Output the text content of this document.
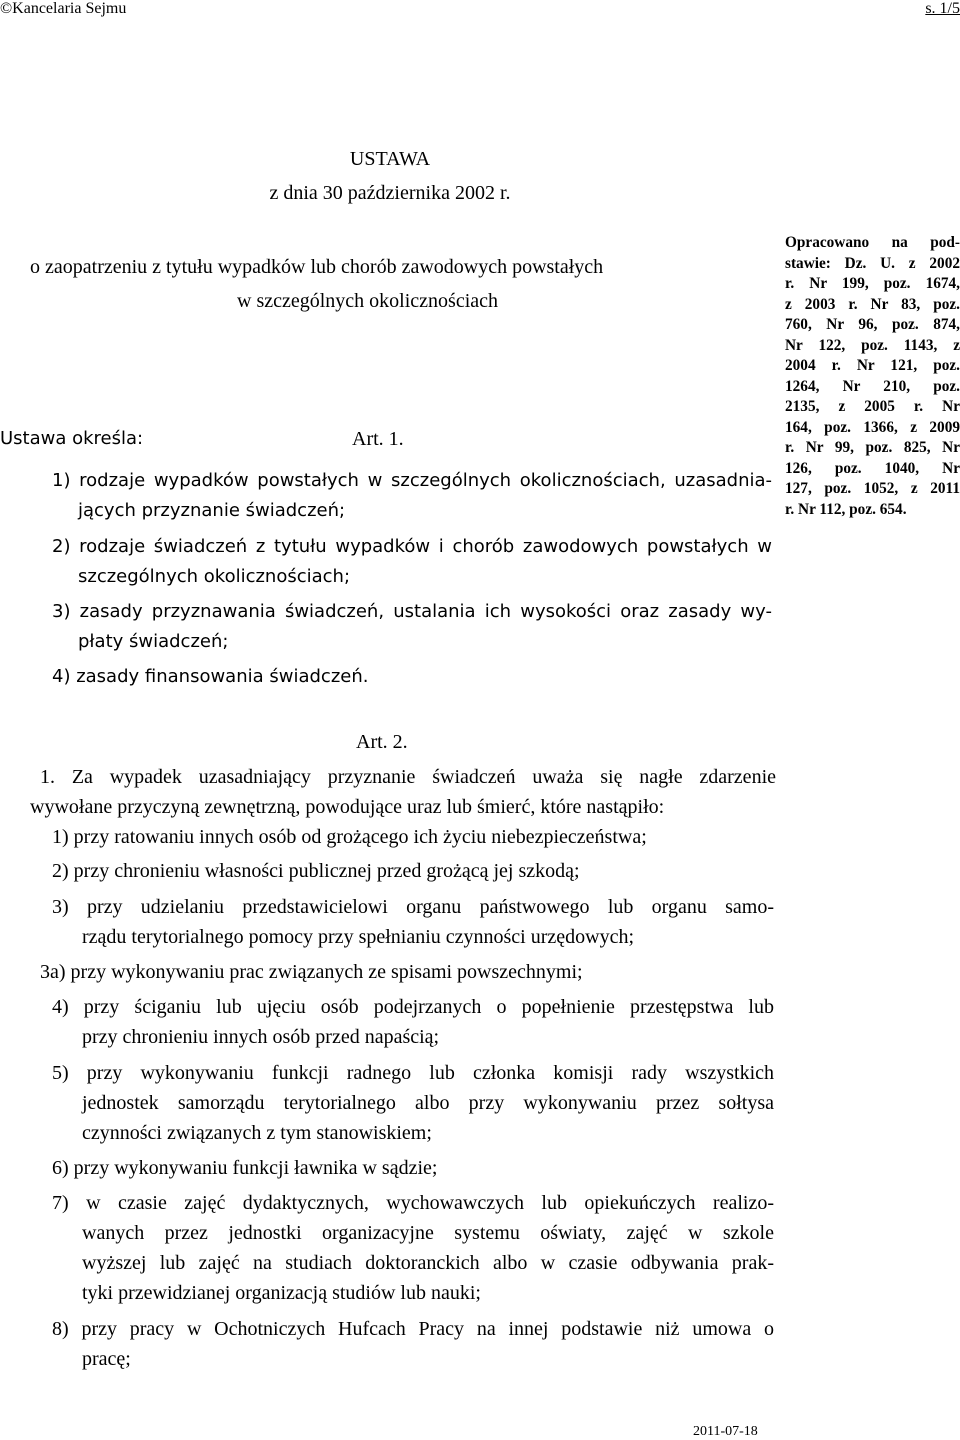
©Kancelaria Sejmu	s. 1/5
USTAWA
z dnia 30 października 2002 r.
o zaopatrzeniu z tytułu wypadków lub chorób zawodowych powstałych
w szczególnych okolicznościach
Opracowano na pod-
stawie: Dz. U. z 2002
r. Nr 199, poz. 1674,
z 2003 r. Nr 83, poz.
760, Nr 96, poz. 874,
Nr 122, poz. 1143, z
2004 r. Nr 121, poz.
1264, Nr 210, poz.
2135, z 2005 r. Nr
164, poz. 1366, z 2009
r. Nr 99, poz. 825, Nr
126, poz. 1040, Nr
127, poz. 1052, z 2011
r. Nr 112, poz. 654.
Art. 1.
Ustawa określa:
1) rodzaje wypadków powstałych w szczególnych okolicznościach, uzasadnia-
jących przyznanie świadczeń;
2) rodzaje świadczeń z tytułu wypadków i chorób zawodowych powstałych w
szczególnych okolicznościach;
3) zasady przyznawania świadczeń, ustalania ich wysokości oraz zasady wy-
płaty świadczeń;
4) zasady finansowania świadczeń.
Art. 2.
1. Za wypadek uzasadniający przyznanie świadczeń uważa się nagłe zdarzenie
wywołane przyczyną zewnętrzną, powodujące uraz lub śmierć, które nastąpiło:
1) przy ratowaniu innych osób od grożącego ich życiu niebezpieczeństwa;
2) przy chronieniu własności publicznej przed grożącą jej szkodą;
3) przy udzielaniu przedstawicielowi organu państwowego lub organu samo-
rządu terytorialnego pomocy przy spełnianiu czynności urzędowych;
3a) przy wykonywaniu prac związanych ze spisami powszechnymi;
4) przy ściganiu lub ujęciu osób podejrzanych o popełnienie przestępstwa lub
przy chronieniu innych osób przed napaścią;
5) przy wykonywaniu funkcji radnego lub członka komisji rady wszystkich
jednostek samorządu terytorialnego albo przy wykonywaniu przez sołtysa
czynności związanych z tym stanowiskiem;
6) przy wykonywaniu funkcji ławnika w sądzie;
7) w czasie zajęć dydaktycznych, wychowawczych lub opiekuńczych realizo-
wanych przez jednostki organizacyjne systemu oświaty, zajęć w szkole
wyższej lub zajęć na studiach doktoranckich albo w czasie odbywania prak-
tyki przewidzianej organizacją studiów lub nauki;
8) przy pracy w Ochotniczych Hufcach Pracy na innej podstawie niż umowa o
pracę;
2011-07-18
